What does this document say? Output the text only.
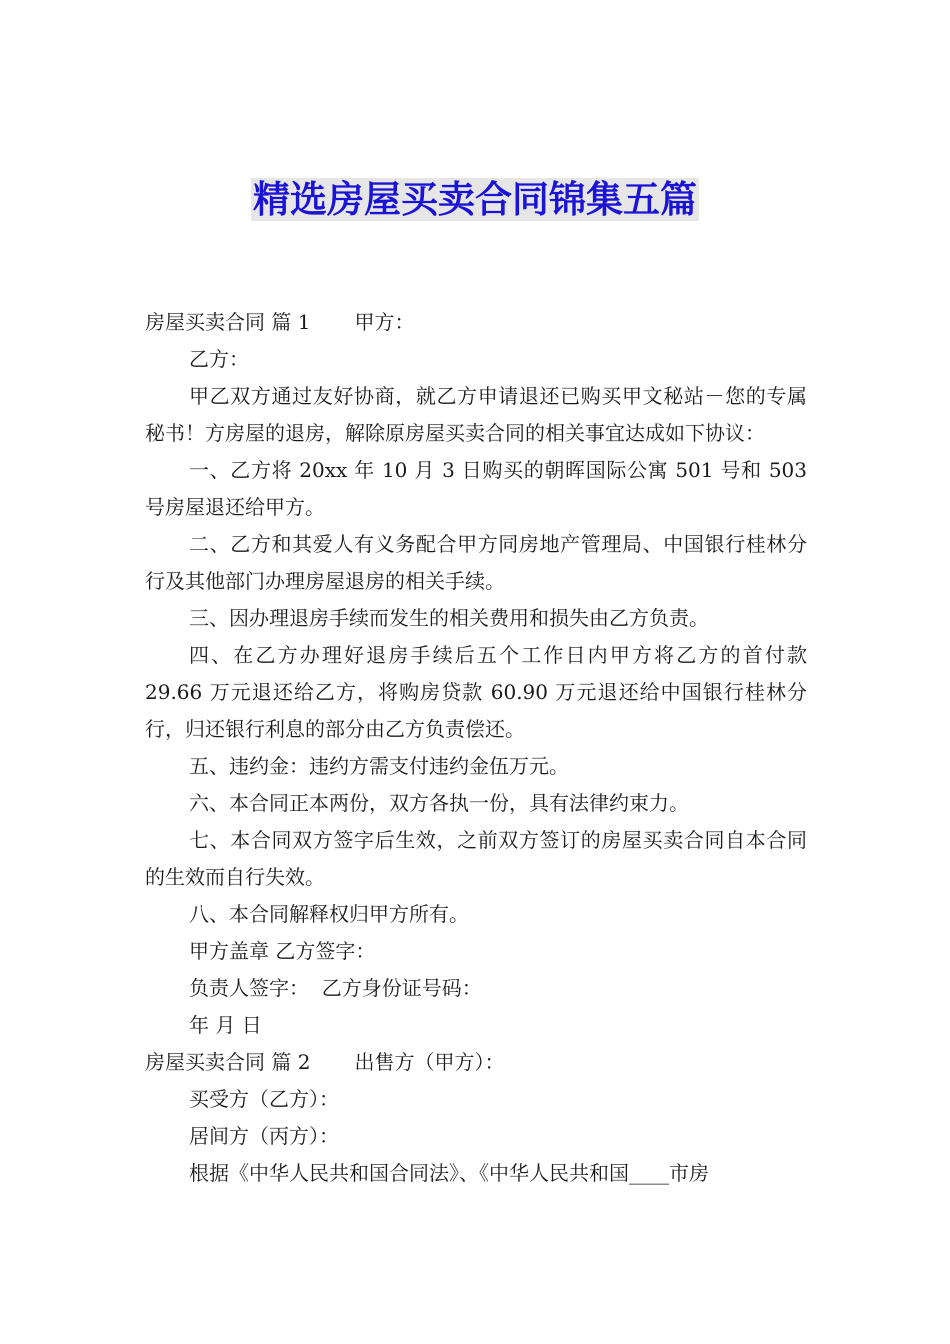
精选房屋买卖合同锦集五篇

房屋买卖合同 篇 1 甲方：

乙方：

甲乙双方通过友好协商，就乙方申请退还已购买甲文秘站－您的专属秘书！方房屋的退房，解除原房屋买卖合同的相关事宜达成如下协议：

一、乙方将 20xx 年 10 月 3 日购买的朝晖国际公寓 501 号和 503 号房屋退还给甲方。

二、乙方和其爱人有义务配合甲方同房地产管理局、中国银行桂林分行及其他部门办理房屋退房的相关手续。

三、因办理退房手续而发生的相关费用和损失由乙方负责。

四、在乙方办理好退房手续后五个工作日内甲方将乙方的首付款 29.66 万元退还给乙方，将购房贷款 60.90 万元退还给中国银行桂林分行，归还银行利息的部分由乙方负责偿还。

五、违约金：违约方需支付违约金伍万元。

六、本合同正本两份，双方各执一份，具有法律约束力。

七、本合同双方签字后生效，之前双方签订的房屋买卖合同自本合同的生效而自行失效。

八、本合同解释权归甲方所有。

甲方盖章 乙方签字：

负责人签字：  乙方身份证号码：

年 月 日

房屋买卖合同 篇 2 出售方（甲方）：

买受方（乙方）：

居间方（丙方）：

根据《中华人民共和国合同法》、《中华人民共和国____市房
